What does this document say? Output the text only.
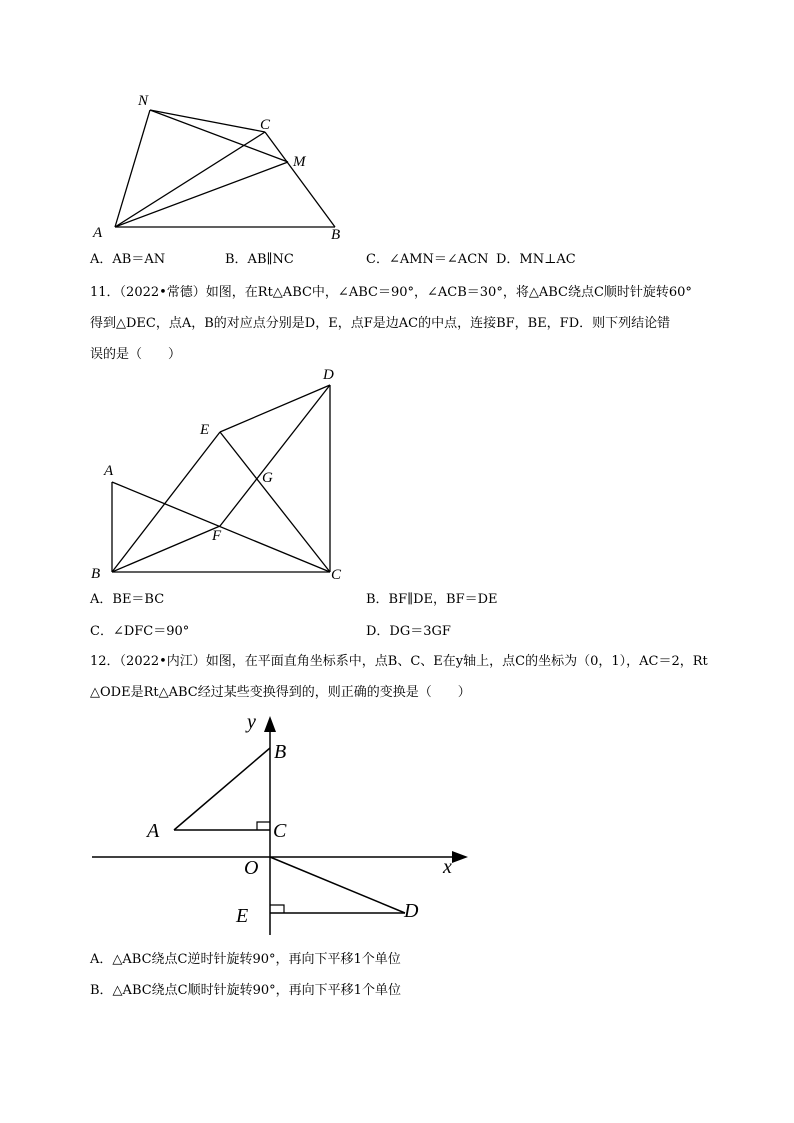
N
C
M
A	B
A．AB＝AN	B．AB∥NC	C．∠AMN＝∠ACN D．MN⊥AC
11．（2022•常德）如图，在Rt△ABC中，∠ABC＝90°，∠ACB＝30°，将△ABC绕点C顺时针旋转60°
得到△DEC，点A，B的对应点分别是D，E，点F是边AC的中点，连接BF，BE，FD．则下列结论错
误的是（　　）
D
E
G
A
F
B	C
A．BE＝BC	B．BF∥DE，BF＝DE
C．∠DFC＝90°	D．DG＝3GF
12．（2022•内江）如图，在平面直角坐标系中，点B、C、E在y轴上，点C的坐标为（0，1），AC＝2，Rt
△ODE是Rt△ABC经过某些变换得到的，则正确的变换是（　　）
y
x
B
A	C
O
E	D
A．△ABC绕点C逆时针旋转90°，再向下平移1个单位
B．△ABC绕点C顺时针旋转90°，再向下平移1个单位
